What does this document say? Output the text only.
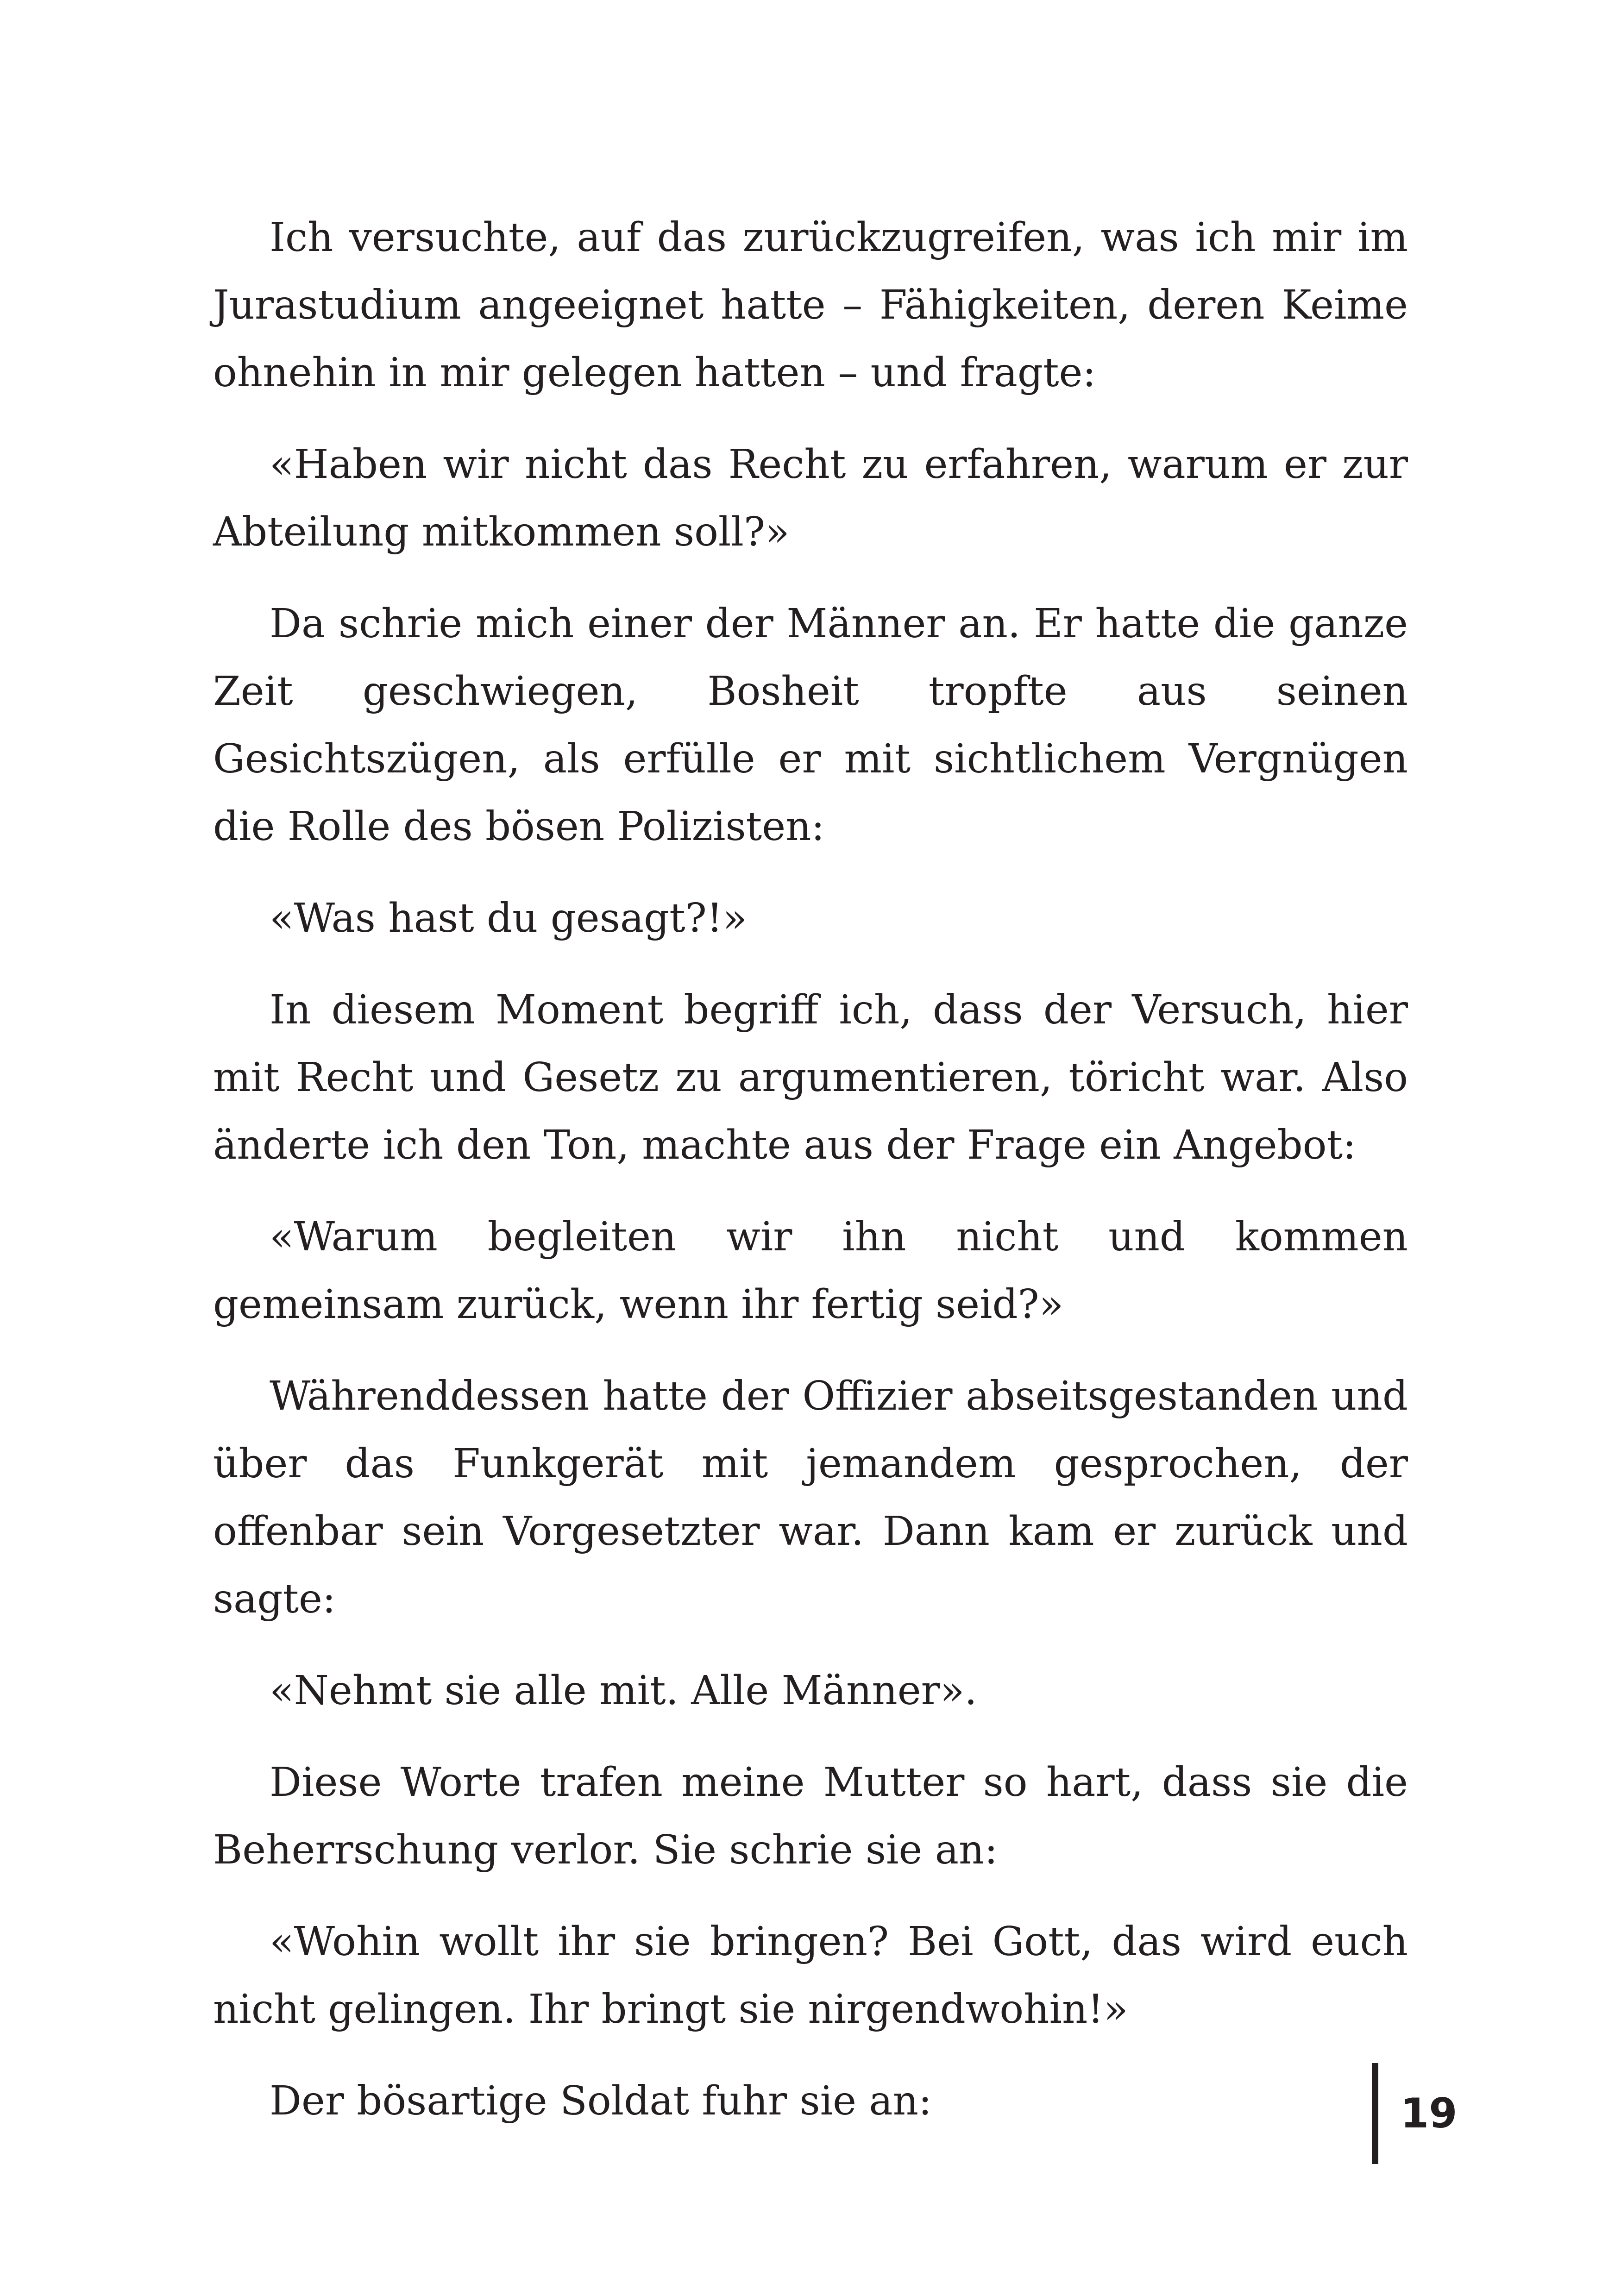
Ich versuchte, auf das zurückzugreifen, was ich mir im Jurastudium angeeignet hatte – Fähigkeiten, deren Keime ohnehin in mir gelegen hatten – und fragte:

«Haben wir nicht das Recht zu erfahren, warum er zur Abteilung mitkommen soll?»

Da schrie mich einer der Männer an. Er hatte die ganze Zeit geschwiegen, Bosheit tropfte aus seinen Gesichtszügen, als erfülle er mit sichtlichem Vergnügen die Rolle des bösen Polizisten:

«Was hast du gesagt?!»

In diesem Moment begriff ich, dass der Versuch, hier mit Recht und Gesetz zu argumentieren, töricht war. Also änderte ich den Ton, machte aus der Frage ein Angebot:

«Warum begleiten wir ihn nicht und kommen gemeinsam zurück, wenn ihr fertig seid?»

Währenddessen hatte der Offizier abseitsgestanden und über das Funkgerät mit jemandem gesprochen, der offenbar sein Vorgesetzter war. Dann kam er zurück und sagte:

«Nehmt sie alle mit. Alle Männer».

Diese Worte trafen meine Mutter so hart, dass sie die Beherrschung verlor. Sie schrie sie an:

«Wohin wollt ihr sie bringen? Bei Gott, das wird euch nicht gelingen. Ihr bringt sie nirgendwohin!»

Der bösartige Soldat fuhr sie an:	19
